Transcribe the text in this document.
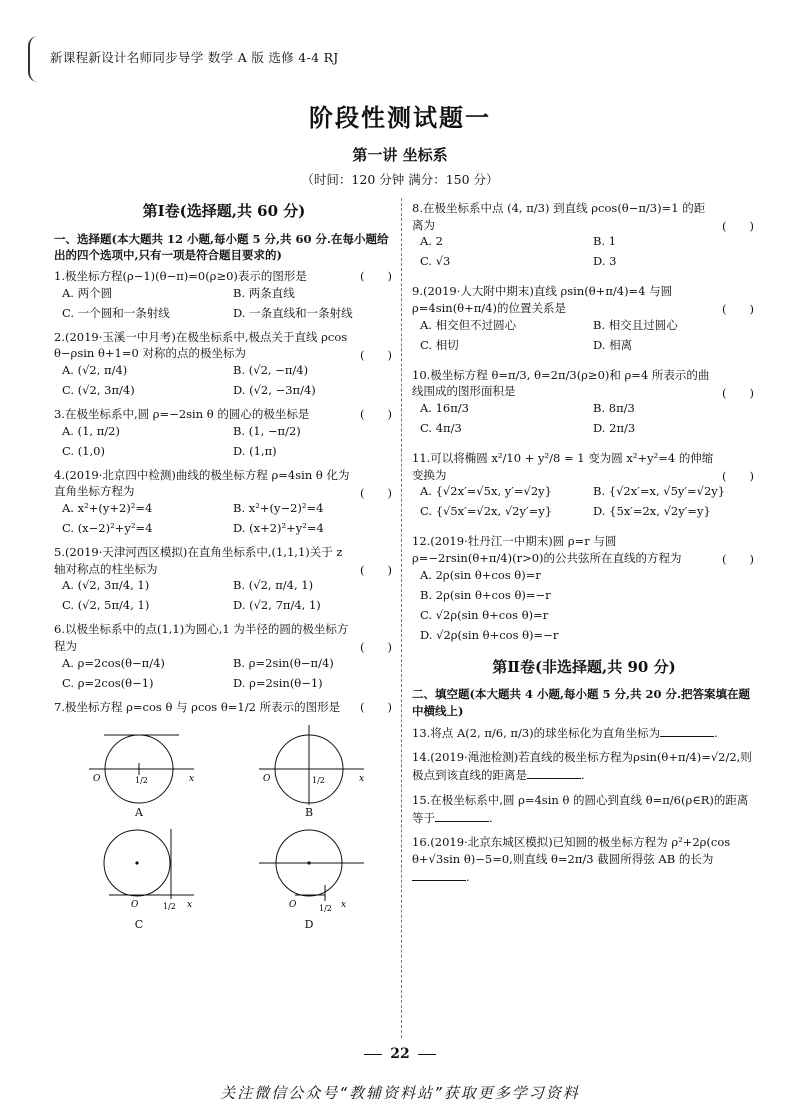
新课程新设计名师同步导学 数学 A 版 选修 4-4 RJ
阶段性测试题一
第一讲 坐标系
（时间：120 分钟 满分：150 分）
第Ⅰ卷(选择题,共 60 分)
一、选择题(本大题共 12 小题,每小题 5 分,共 60 分.在每小题给出的四个选项中,只有一项是符合题目要求的)
1.极坐标方程(ρ−1)(θ−π)=0(ρ≥0)表示的图形是	(　　)
A. 两个圆	B. 两条直线
C. 一个圆和一条射线	D. 一条直线和一条射线
2.(2019·玉溪一中月考)在极坐标系中,极点关于直线 ρcos θ−ρsin θ+1=0 对称的点的极坐标为	(　　)
A. (√2, π/4)	B. (√2, −π/4)
C. (√2, 3π/4)	D. (√2, −3π/4)
3.在极坐标系中,圆 ρ=−2sin θ 的圆心的极坐标是	(　　)
A. (1, π/2)	B. (1, −π/2)
C. (1,0)	D. (1,π)
4.(2019·北京四中检测)曲线的极坐标方程 ρ=4sin θ 化为直角坐标方程为	(　　)
A. x²+(y+2)²=4	B. x²+(y−2)²=4
C. (x−2)²+y²=4	D. (x+2)²+y²=4
5.(2019·天津河西区模拟)在直角坐标系中,(1,1,1)关于 z 轴对称点的柱坐标为	(　　)
A. (√2, 3π/4, 1)	B. (√2, π/4, 1)
C. (√2, 5π/4, 1)	D. (√2, 7π/4, 1)
6.以极坐标系中的点(1,1)为圆心,1 为半径的圆的极坐标方程为	(　　)
A. ρ=2cos(θ−π/4)	B. ρ=2sin(θ−π/4)
C. ρ=2cos(θ−1)	D. ρ=2sin(θ−1)
7.极坐标方程 ρ=cos θ 与 ρcos θ=1/2 所表示的图形是	(　　)
O	x
1/2
A
O	x
1/2
B
O	x
1/2
C
O	x
1/2
D
8.在极坐标系中点 (4, π/3) 到直线 ρcos(θ−π/3)=1 的距离为	(　　)
A. 2	B. 1
C. √3	D. 3
9.(2019·人大附中期末)直线 ρsin(θ+π/4)=4 与圆 ρ=4sin(θ+π/4)的位置关系是	(　　)
A. 相交但不过圆心	B. 相交且过圆心
C. 相切	D. 相离
10.极坐标方程 θ=π/3, θ=2π/3(ρ≥0)和 ρ=4 所表示的曲线围成的图形面积是	(　　)
A. 16π/3	B. 8π/3
C. 4π/3	D. 2π/3
11.可以将椭圆 x²/10 + y²/8 = 1 变为圆 x²+y²=4 的伸缩变换为	(　　)
A. {√2x′=√5x, y′=√2y}	B. {√2x′=x, √5y′=√2y}
C. {√5x′=√2x, √2y′=y}	D. {5x′=2x, √2y′=y}
12.(2019·牡丹江一中期末)圆 ρ=r 与圆 ρ=−2rsin(θ+π/4)(r>0)的公共弦所在直线的方程为	(　　)
A. 2ρ(sin θ+cos θ)=r
B. 2ρ(sin θ+cos θ)=−r
C. √2ρ(sin θ+cos θ)=r
D. √2ρ(sin θ+cos θ)=−r
第Ⅱ卷(非选择题,共 90 分)
二、填空题(本大题共 4 小题,每小题 5 分,共 20 分.把答案填在题中横线上)
13.将点 A(2, π/6, π/3)的球坐标化为直角坐标为	.
14.(2019·渑池检测)若直线的极坐标方程为ρsin(θ+π/4)=√2/2,则极点到该直线的距离是	.
15.在极坐标系中,圆 ρ=4sin θ 的圆心到直线 θ=π/6(ρ∈R)的距离等于	.
16.(2019·北京东城区模拟)已知圆的极坐标方程为 ρ²+2ρ(cos θ+√3sin θ)−5=0,则直线 θ=2π/3 截圆所得弦 AB 的长为.
22
关注微信公众号“教辅资料站”获取更多学习资料
